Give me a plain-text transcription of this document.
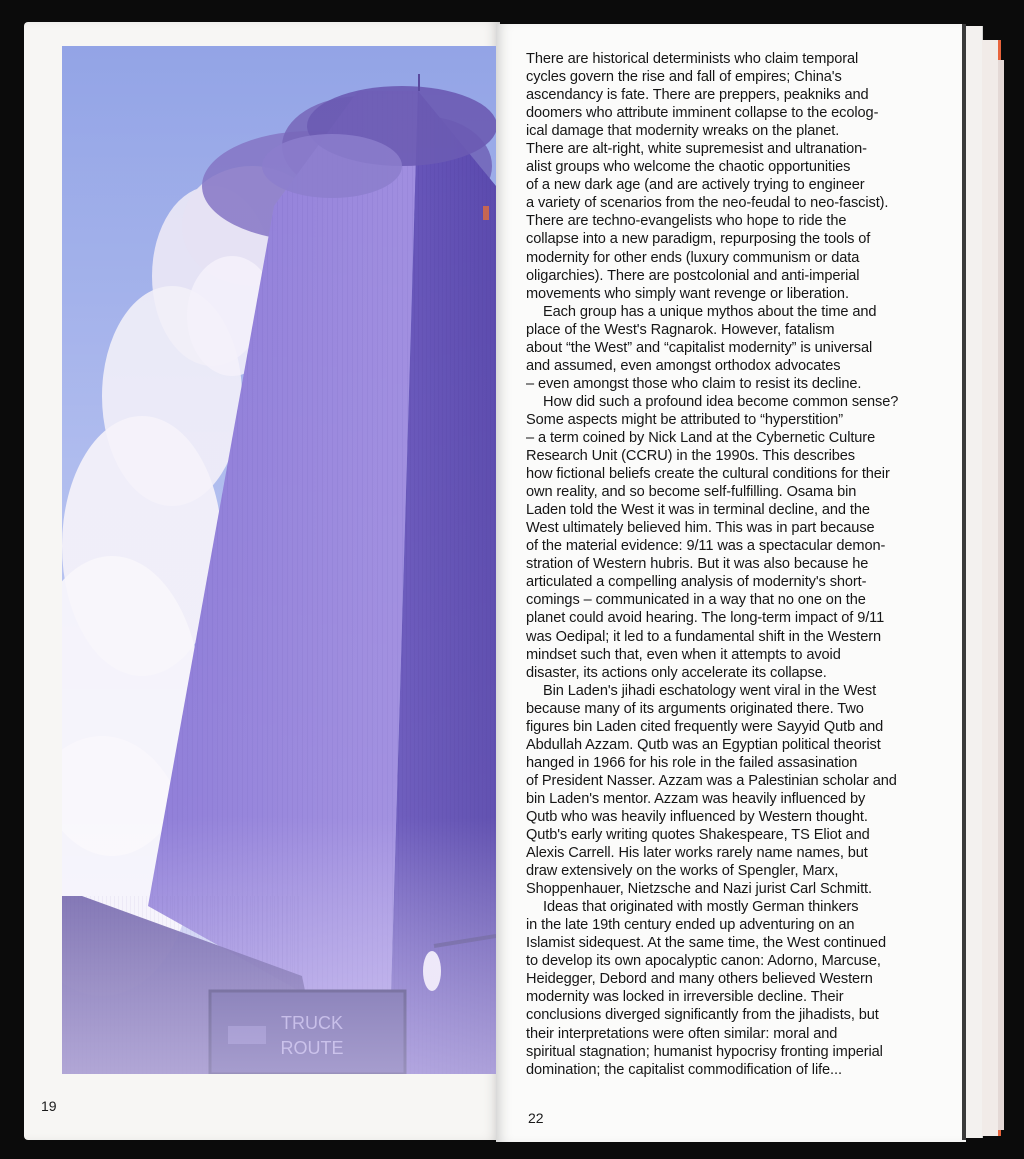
19

There are historical determinists who claim temporal
cycles govern the rise and fall of empires; China's
ascendancy is fate. There are preppers, peakniks and
doomers who attribute imminent collapse to the ecolog-
ical damage that modernity wreaks on the planet.
There are alt-right, white supremesist and ultranation-
alist groups who welcome the chaotic opportunities
of a new dark age (and are actively trying to engineer
a variety of scenarios from the neo-feudal to neo-fascist).
There are techno-evangelists who hope to ride the
collapse into a new paradigm, repurposing the tools of
modernity for other ends (luxury communism or data
oligarchies). There are postcolonial and anti-imperial
movements who simply want revenge or liberation.

Each group has a unique mythos about the time and
place of the West's Ragnarok. However, fatalism
about “the West” and “capitalist modernity” is universal
and assumed, even amongst orthodox advocates
– even amongst those who claim to resist its decline.

How did such a profound idea become common sense?
Some aspects might be attributed to “hyperstition”
– a term coined by Nick Land at the Cybernetic Culture
Research Unit (CCRU) in the 1990s. This describes
how fictional beliefs create the cultural conditions for their
own reality, and so become self-fulfilling. Osama bin
Laden told the West it was in terminal decline, and the
West ultimately believed him. This was in part because
of the material evidence: 9/11 was a spectacular demon-
stration of Western hubris. But it was also because he
articulated a compelling analysis of modernity's short-
comings – communicated in a way that no one on the
planet could avoid hearing. The long-term impact of 9/11
was Oedipal; it led to a fundamental shift in the Western
mindset such that, even when it attempts to avoid
disaster, its actions only accelerate its collapse.

Bin Laden's jihadi eschatology went viral in the West
because many of its arguments originated there. Two
figures bin Laden cited frequently were Sayyid Qutb and
Abdullah Azzam. Qutb was an Egyptian political theorist
hanged in 1966 for his role in the failed assasination
of President Nasser. Azzam was a Palestinian scholar and
bin Laden's mentor. Azzam was heavily influenced by
Qutb who was heavily influenced by Western thought.
Qutb's early writing quotes Shakespeare, TS Eliot and
Alexis Carrell. His later works rarely name names, but
draw extensively on the works of Spengler, Marx,
Shoppenhauer, Nietzsche and Nazi jurist Carl Schmitt.

Ideas that originated with mostly German thinkers
in the late 19th century ended up adventuring on an
Islamist sidequest. At the same time, the West continued
to develop its own apocalyptic canon: Adorno, Marcuse,
Heidegger, Debord and many others believed Western
modernity was locked in irreversible decline. Their
conclusions diverged significantly from the jihadists, but
their interpretations were often similar: moral and
spiritual stagnation; humanist hypocrisy fronting imperial
domination; the capitalist commodification of life...

22
